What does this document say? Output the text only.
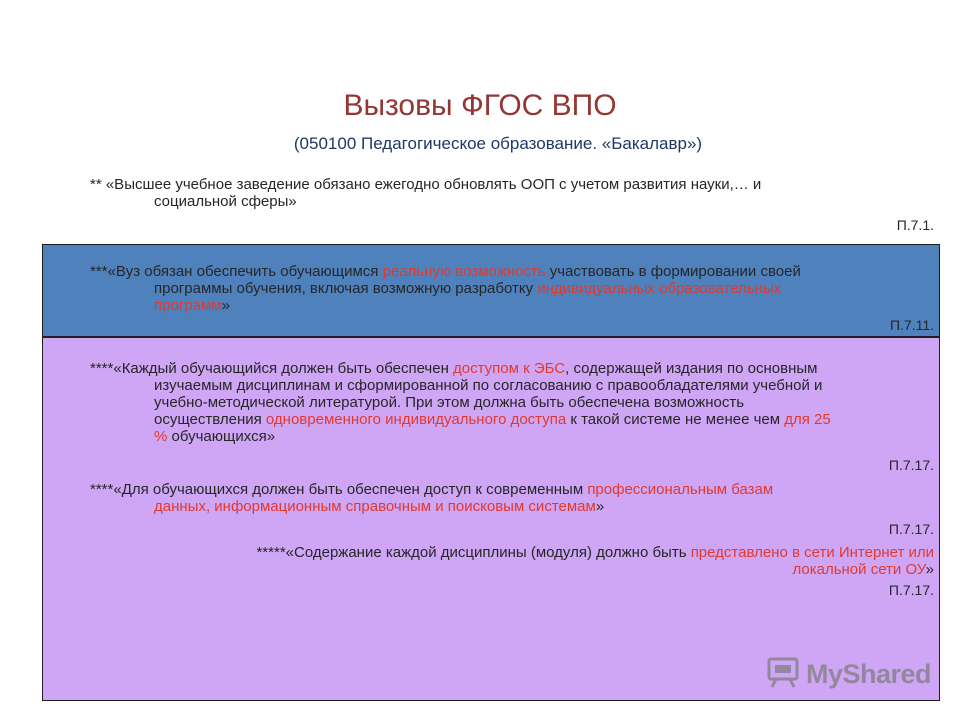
Вызовы ФГОС ВПО
(050100 Педагогическое образование. «Бакалавр»)
** «Высшее учебное заведение обязано ежегодно обновлять ООП с учетом развития науки,… и
социальной сферы»
П.7.1.
***«Вуз обязан обеспечить обучающимся реальную возможность участвовать в формировании своей
программы обучения, включая возможную разработку индивидуальных образовательных
программ»
П.7.11.
****«Каждый обучающийся должен быть обеспечен доступом к ЭБС, содержащей издания по основным
изучаемым дисциплинам и сформированной по согласованию с правообладателями учебной и
учебно-методической литературой. При этом должна быть обеспечена возможность
осуществления одновременного индивидуального доступа к такой системе не менее чем для 25
% обучающихся»
П.7.17.
****«Для обучающихся должен быть обеспечен доступ к современным профессиональным базам
данных, информационным справочным и поисковым системам»
П.7.17.
*****«Содержание каждой дисциплины (модуля) должно быть представлено в сети Интернет или
локальной сети ОУ»
П.7.17.
MyShared
